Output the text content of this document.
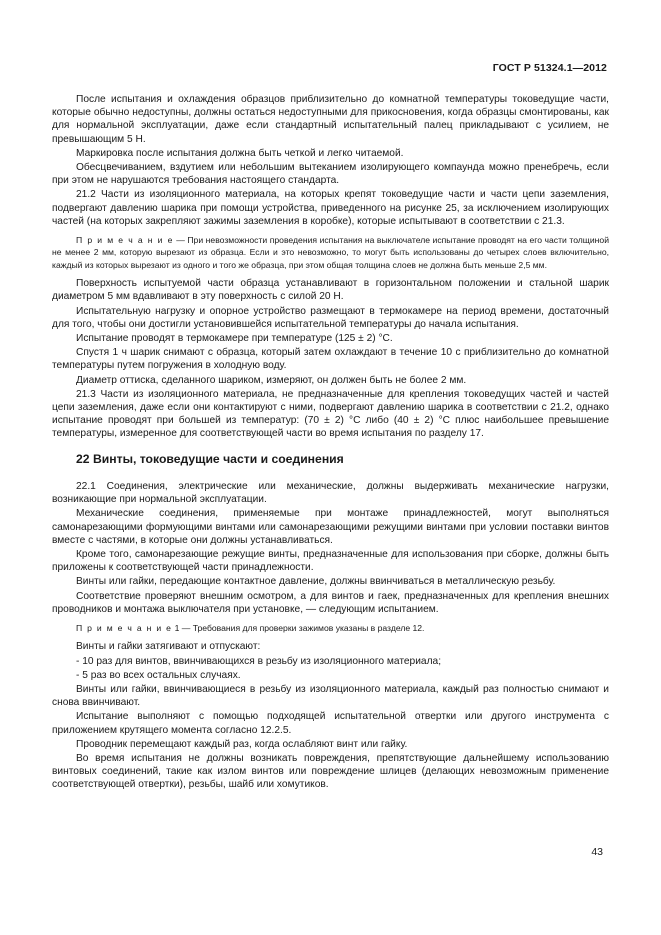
ГОСТ Р 51324.1—2012

После испытания и охлаждения образцов приблизительно до комнатной температуры токоведущие части, которые обычно недоступны, должны остаться недоступными для прикосновения, когда образцы смонтированы, как для нормальной эксплуатации, даже если стандартный испытательный палец прикладывают с усилием, не превышающим 5 Н.

Маркировка после испытания должна быть четкой и легко читаемой.

Обесцвечиванием, вздутием или небольшим вытеканием изолирующего компаунда можно пренебречь, если при этом не нарушаются требования настоящего стандарта.

21.2 Части из изоляционного материала, на которых крепят токоведущие части и части цепи заземления, подвергают давлению шарика при помощи устройства, приведенного на рисунке 25, за исключением изолирующих частей (на которых закрепляют зажимы заземления в коробке), которые испытывают в соответствии с 21.3.

П р и м е ч а н и е — При невозможности проведения испытания на выключателе испытание проводят на его части толщиной не менее 2 мм, которую вырезают из образца. Если и это невозможно, то могут быть использованы до четырех слоев включительно, каждый из которых вырезают из одного и того же образца, при этом общая толщина слоев не должна быть меньше 2,5 мм.

Поверхность испытуемой части образца устанавливают в горизонтальном положении и стальной шарик диаметром 5 мм вдавливают в эту поверхность с силой 20 Н.

Испытательную нагрузку и опорное устройство размещают в термокамере на период времени, достаточный для того, чтобы они достигли установившейся испытательной температуры до начала испытания.

Испытание проводят в термокамере при температуре (125 ± 2) °С.

Спустя 1 ч шарик снимают с образца, который затем охлаждают в течение 10 с приблизительно до комнатной температуры путем погружения в холодную воду.

Диаметр оттиска, сделанного шариком, измеряют, он должен быть не более 2 мм.

21.3 Части из изоляционного материала, не предназначенные для крепления токоведущих частей и частей цепи заземления, даже если они контактируют с ними, подвергают давлению шарика в соответствии с 21.2, однако испытание проводят при большей из температур: (70 ± 2) °С либо (40 ± 2) °С плюс наибольшее превышение температуры, измеренное для соответствующей части во время испытания по разделу 17.

22 Винты, токоведущие части и соединения

22.1 Соединения, электрические или механические, должны выдерживать механические нагрузки, возникающие при нормальной эксплуатации.

Механические соединения, применяемые при монтаже принадлежностей, могут выполняться самонарезающими формующими винтами или самонарезающими режущими винтами при условии поставки винтов вместе с частями, в которые они должны устанавливаться.

Кроме того, самонарезающие режущие винты, предназначенные для использования при сборке, должны быть приложены к соответствующей части принадлежности.

Винты или гайки, передающие контактное давление, должны ввинчиваться в металлическую резьбу.

Соответствие проверяют внешним осмотром, а для винтов и гаек, предназначенных для крепления внешних проводников и монтажа выключателя при установке, — следующим испытанием.

П р и м е ч а н и е 1 — Требования для проверки зажимов указаны в разделе 12.

Винты и гайки затягивают и отпускают:

- 10 раз для винтов, ввинчивающихся в резьбу из изоляционного материала;

- 5 раз во всех остальных случаях.

Винты или гайки, ввинчивающиеся в резьбу из изоляционного материала, каждый раз полностью снимают и снова ввинчивают.

Испытание выполняют с помощью подходящей испытательной отвертки или другого инструмента с приложением крутящего момента согласно 12.2.5.

Проводник перемещают каждый раз, когда ослабляют винт или гайку.

Во время испытания не должны возникать повреждения, препятствующие дальнейшему использованию винтовых соединений, такие как излом винтов или повреждение шлицев (делающих невозможным применение соответствующей отвертки), резьбы, шайб или хомутиков.

43
